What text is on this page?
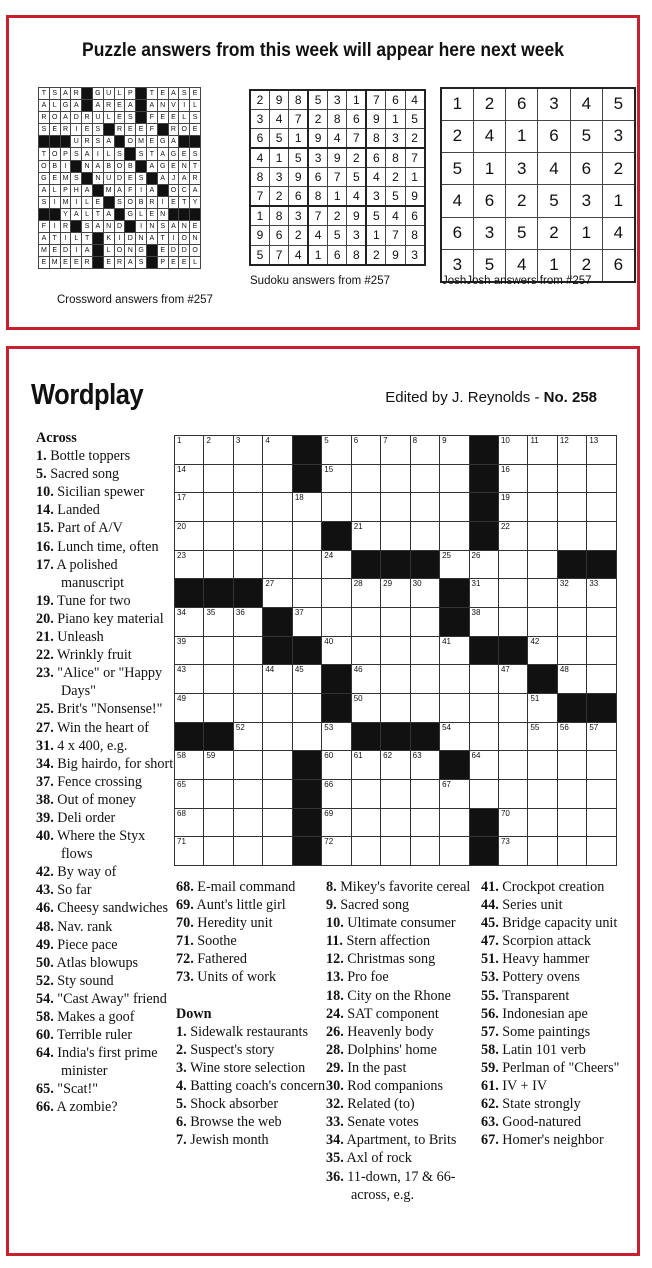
Puzzle answers from this week will appear here next week
T	S	A	R		G	U	L	P		T	E	A	S	E
A	L	G	A		A	R	E	A		A	N	V	I	L
R	O	A	D	R	U	L	E	S		F	E	E	L	S
S	E	R	I	E	S		R	E	E	F		R	O	E
			U	R	S	A		O	M	E	G	A		
T	O	P	S	A	I	L	S		S	T	A	G	E	S
O	B	I		N	A	B	O	B		A	G	E	N	T
G	E	M	S		N	U	D	E	S		A	J	A	R
A	L	P	H	A		M	A	F	I	A		O	C	A
S	I	M	I	L	E		S	O	B	R	I	E	T	Y
		Y	A	L	T	A		G	L	E	N			
F	I	R		S	A	N	D		I	N	S	A	N	E
A	T	I	L	T		K	I	D	N	A	T	I	O	N
M	E	D	I	A		L	O	N	G		E	D	D	O
E	M	E	E	R		E	R	A	S		P	E	E	L
Crossword answers from #257
2	9	8	5	3	1	7	6	4
3	4	7	2	8	6	9	1	5
6	5	1	9	4	7	8	3	2
4	1	5	3	9	2	6	8	7
8	3	9	6	7	5	4	2	1
7	2	6	8	1	4	3	5	9
1	8	3	7	2	9	5	4	6
9	6	2	4	5	3	1	7	8
5	7	4	1	6	8	2	9	3
Sudoku answers from #257
1	2	6	3	4	5
2	4	1	6	5	3
5	1	3	4	6	2
4	6	2	5	3	1
6	3	5	2	1	4
3	5	4	1	2	6
JoshJosh answers from #257
Wordplay	Edited by J. Reynolds - No. 258
1	2	3	4		5	6	7	8	9		10	11	12	13

14					15						16			

17				18							19			

20						21					22			

23					24				25	26				

			27			28	29	30		31			32	33

34	35	36		37						38				

39					40				41			42		

43			44	45		46					47		48	

49						50						51		

		52			53				54			55	56	57

58	59				60	61	62	63		64				

65					66				67					

68					69						70			

71					72						73			

Across
1. Bottle toppers
5. Sacred song
10. Sicilian spewer
14. Landed
15. Part of A/V
16. Lunch time, often
17. A polished manuscript
19. Tune for two
20. Piano key material
21. Unleash
22. Wrinkly fruit
23. "Alice" or "Happy Days"
25. Brit's "Nonsense!"
27. Win the heart of
31. 4 x 400, e.g.
34. Big hairdo, for short
37. Fence crossing
38. Out of money
39. Deli order
40. Where the Styx flows
42. By way of
43. So far
46. Cheesy sandwiches
48. Nav. rank
49. Piece pace
50. Atlas blowups
52. Sty sound
54. "Cast Away" friend
58. Makes a goof
60. Terrible ruler
64. India's first prime minister
65. "Scat!"
66. A zombie?
68. E-mail command
69. Aunt's little girl
70. Heredity unit
71. Soothe
72. Fathered
73. Units of work
Down
1. Sidewalk restaurants
2. Suspect's story
3. Wine store selection
4. Batting coach's concern
5. Shock absorber
6. Browse the web
7. Jewish month
8. Mikey's favorite cereal
9. Sacred song
10. Ultimate consumer
11. Stern affection
12. Christmas song
13. Pro foe
18. City on the Rhone
24. SAT component
26. Heavenly body
28. Dolphins' home
29. In the past
30. Rod companions
32. Related (to)
33. Senate votes
34. Apartment, to Brits
35. Axl of rock
36. 11-down, 17 & 66-across, e.g.
41. Crockpot creation
44. Series unit
45. Bridge capacity unit
47. Scorpion attack
51. Heavy hammer
53. Pottery ovens
55. Transparent
56. Indonesian ape
57. Some paintings
58. Latin 101 verb
59. Perlman of "Cheers"
61. IV + IV
62. State strongly
63. Good-natured
67. Homer's neighbor
